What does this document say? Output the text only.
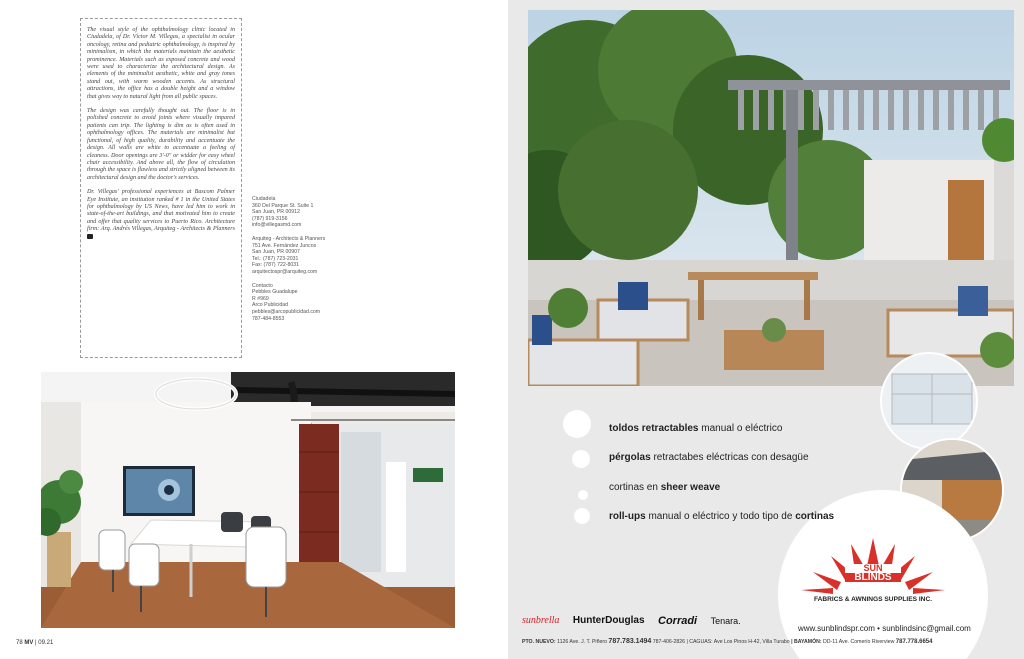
The visual style of the ophthalmology clinic located in Ciudadela, of Dr. Víctor M. Villegas, a specialist in ocular oncology, retina and pediatric ophthalmology, is inspired by minimalism, in which the materials maintain the aesthetic prominence. Materials such as exposed concrete and wood were used to characterize the architectural design. As elements of the minimalist aesthetic, white and gray tones stand out, with warm wooden accents. As structural attractions, the office has a double height and a window that gives way to natural light from all public spaces.

The design was carefully thought out. The floor is in polished concrete to avoid joints where visually impared patients can trip. The lighting is dim as is often used in ophthalmology offices. The materials are minimalist but functional, of high quality, durability and accentuate the design. All walls are white to accentuate a feeling of cleaness. Door openings are 3'-0" or widder for easy wheel chair accessibility. And above all, the flow of circulation through the space is flawless and strictly aligned between its architectural design and the doctor's services.

Dr. Villegas' professional experiences at Bascom Palmer Eye Institute, an institution ranked # 1 in the United States for ophthalmology by US News, have led him to work in state-of-the-art buildings, and that motivated him to create and offer that quality services to Puerto Rico. Architecture firm: Arq. Andrés Villegas, Arquiteg - Architects & Planners

Ciudadela
360 Del Parque St. Suite 1
San Juan, PR 00912
(787) 919-3156
info@villegasmd.com
Arquiteg - Architects & Planners
751 Ave. Fernández Juncos
San Juan, PR 00907
Tel.: (787) 723-2031
Fax: (787) 722-8031
arquitectospr@arquiteg.com
Contacto
Pebbles Guadalupe
R #969
Arco Publicidad
pebbles@arcopublicidad.com
787-484-8553
78 MV | 09.21
toldos retractables manual o eléctrico
pérgolas retractabes eléctricas con desagüe
cortinas en sheer weave
roll-ups manual o eléctrico y todo tipo de cortinas
SUN
BLINDS
FABRICS & AWNINGS SUPPLIES INC.
www.sunblindspr.com • sunblindsinc@gmail.com
sunbrella HunterDouglas Corradi Tenara.
PTO. NUEVO: 1126 Ave. J. T. Piñero 787.783.1494 787-406-2826 | CAGUAS: Ave Los Pinos H-42, Villa Turabo | BAYAMÓN: DD-11 Ave. Comerío Riverview 787.778.6654
